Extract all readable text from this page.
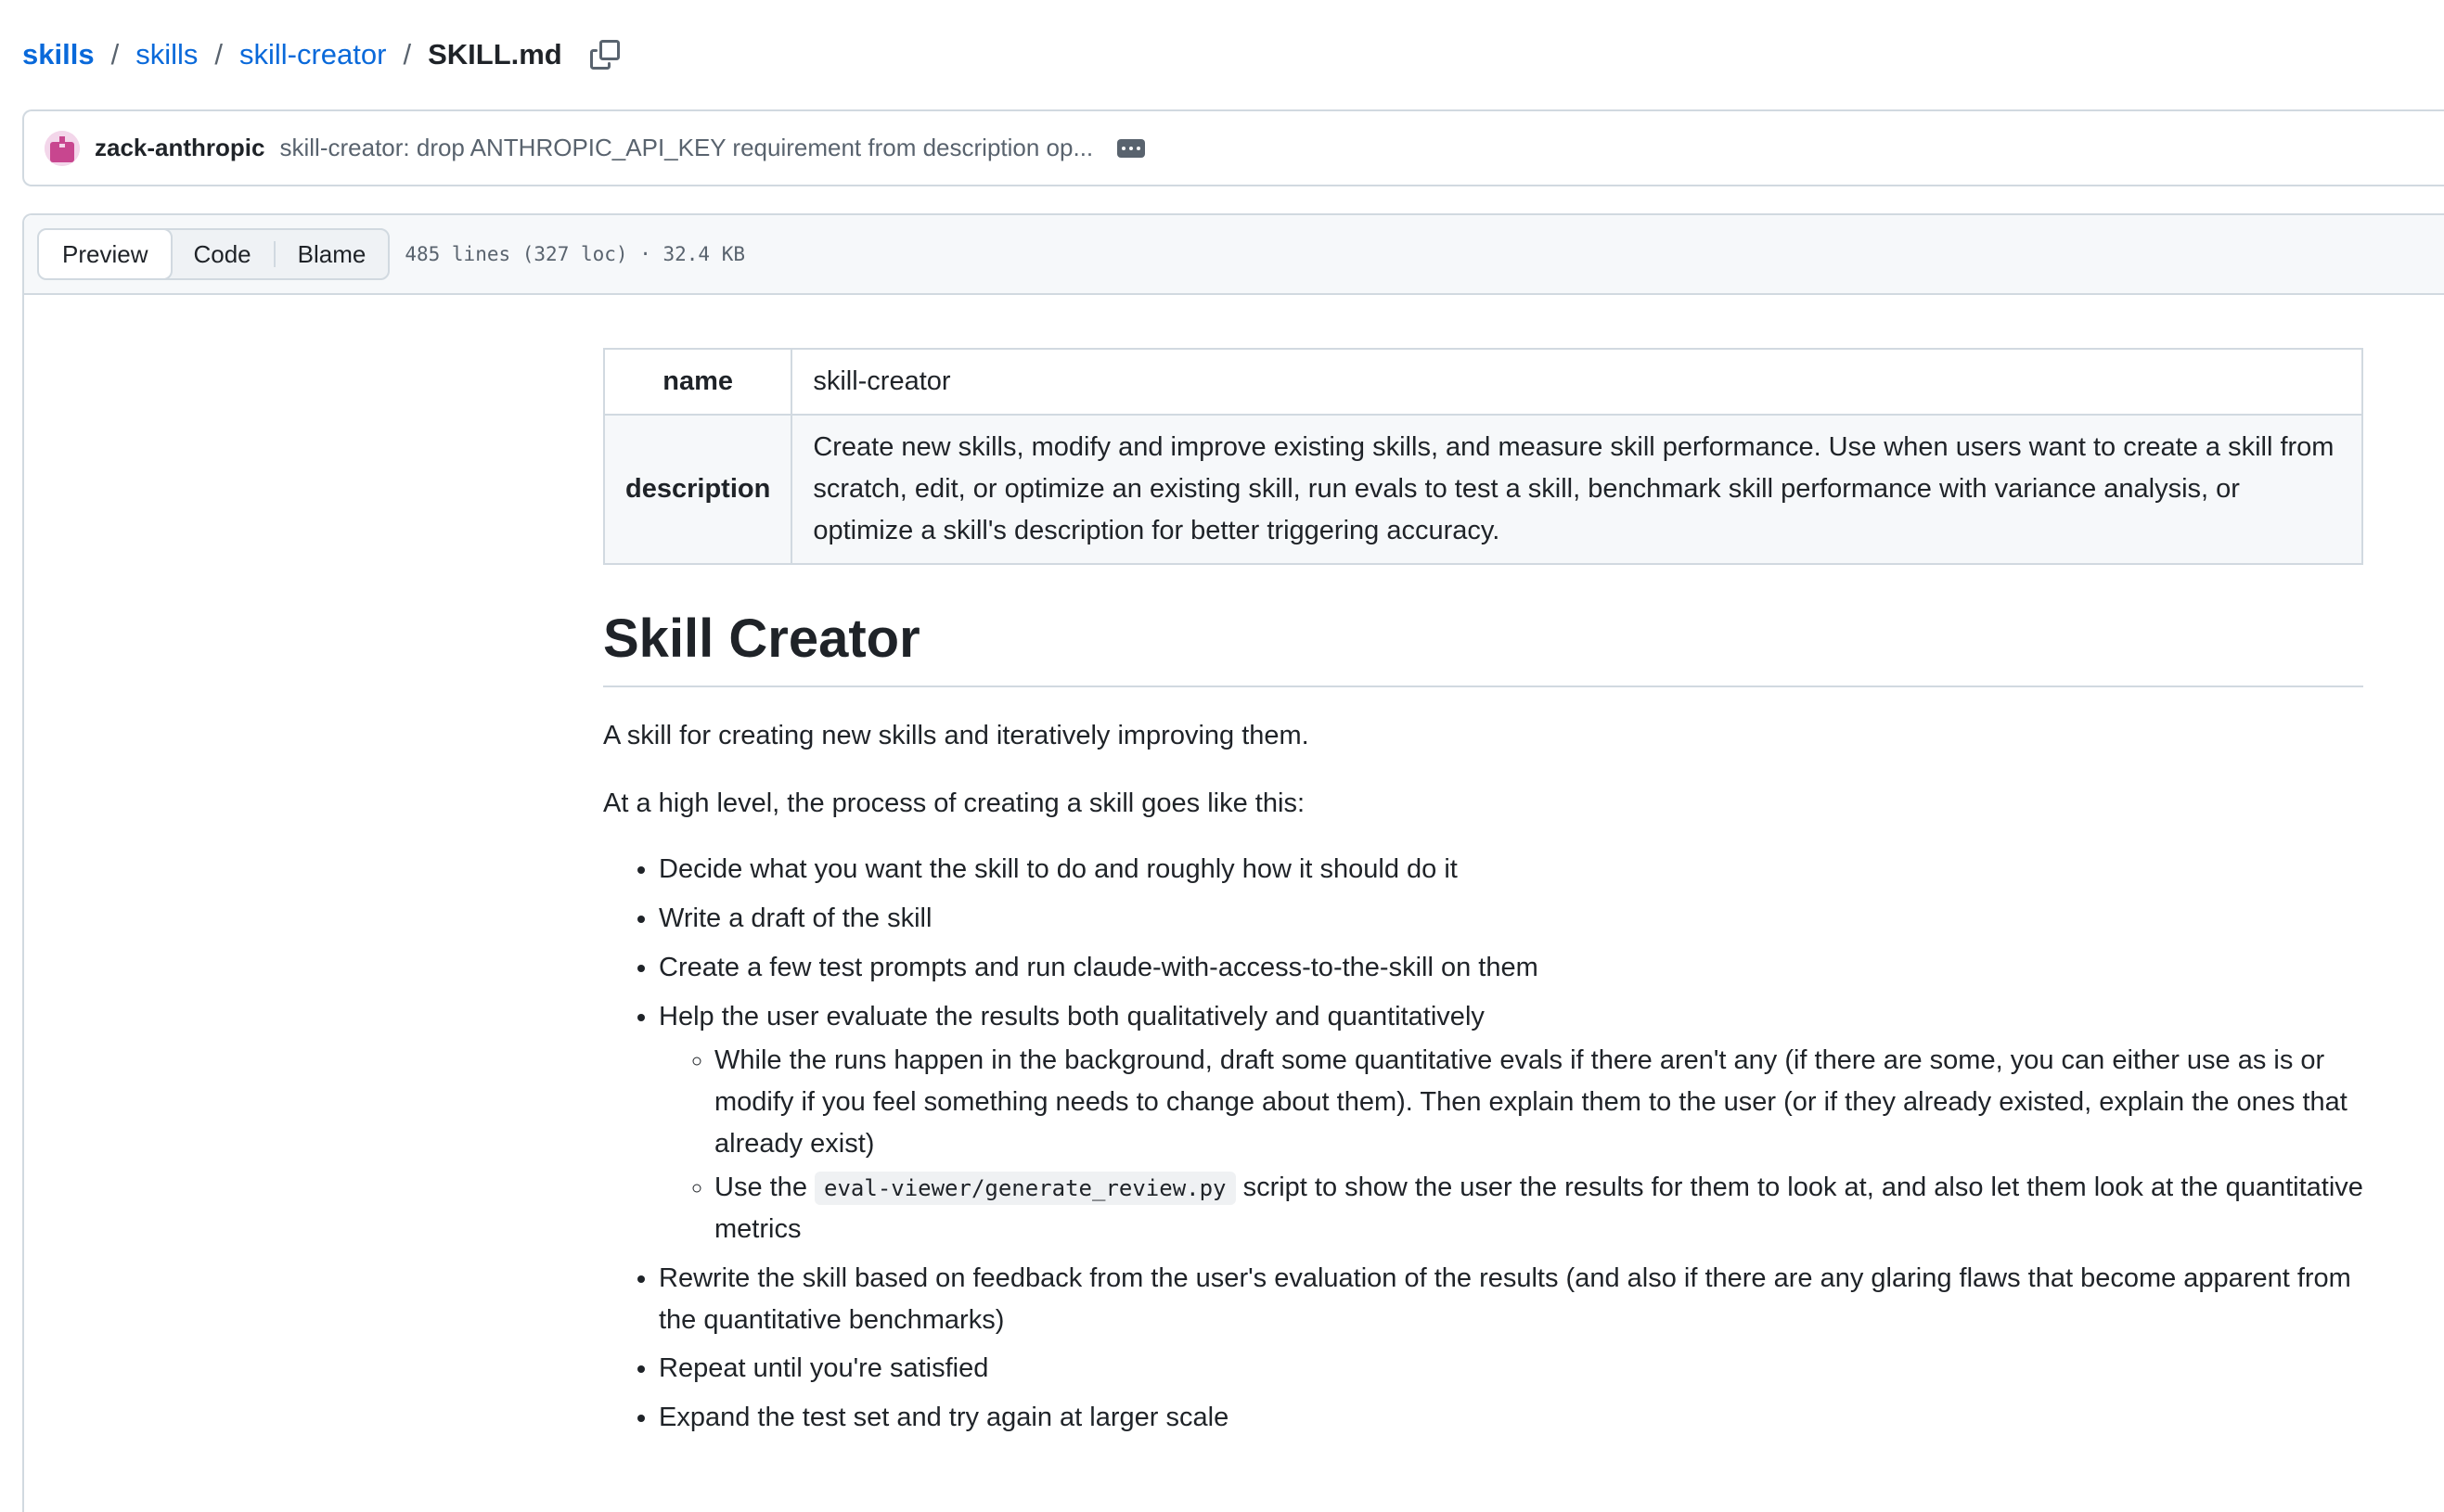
skills / skills / skill-creator / SKILL.md
zack-anthropic skill-creator: drop ANTHROPIC_API_KEY requirement from description op...
Preview	Code	Blame	485 lines (327 loc) · 32.4 KB
name	skill-creator
description	Create new skills, modify and improve existing skills, and measure skill performance. Use when users want to create a skill from scratch, edit, or optimize an existing skill, run evals to test a skill, benchmark skill performance with variance analysis, or optimize a skill's description for better triggering accuracy.
Skill Creator

A skill for creating new skills and iteratively improving them.

At a high level, the process of creating a skill goes like this:

• Decide what you want the skill to do and roughly how it should do it
• Write a draft of the skill
• Create a few test prompts and run claude-with-access-to-the-skill on them
• Help the user evaluate the results both qualitatively and quantitatively
◦ While the runs happen in the background, draft some quantitative evals if there aren't any (if there are some, you can either use as is or modify if you feel something needs to change about them). Then explain them to the user (or if they already existed, explain the ones that already exist)
◦ Use the eval-viewer/generate_review.py script to show the user the results for them to look at, and also let them look at the quantitative metrics
• Rewrite the skill based on feedback from the user's evaluation of the results (and also if there are any glaring flaws that become apparent from the quantitative benchmarks)
• Repeat until you're satisfied
• Expand the test set and try again at larger scale
